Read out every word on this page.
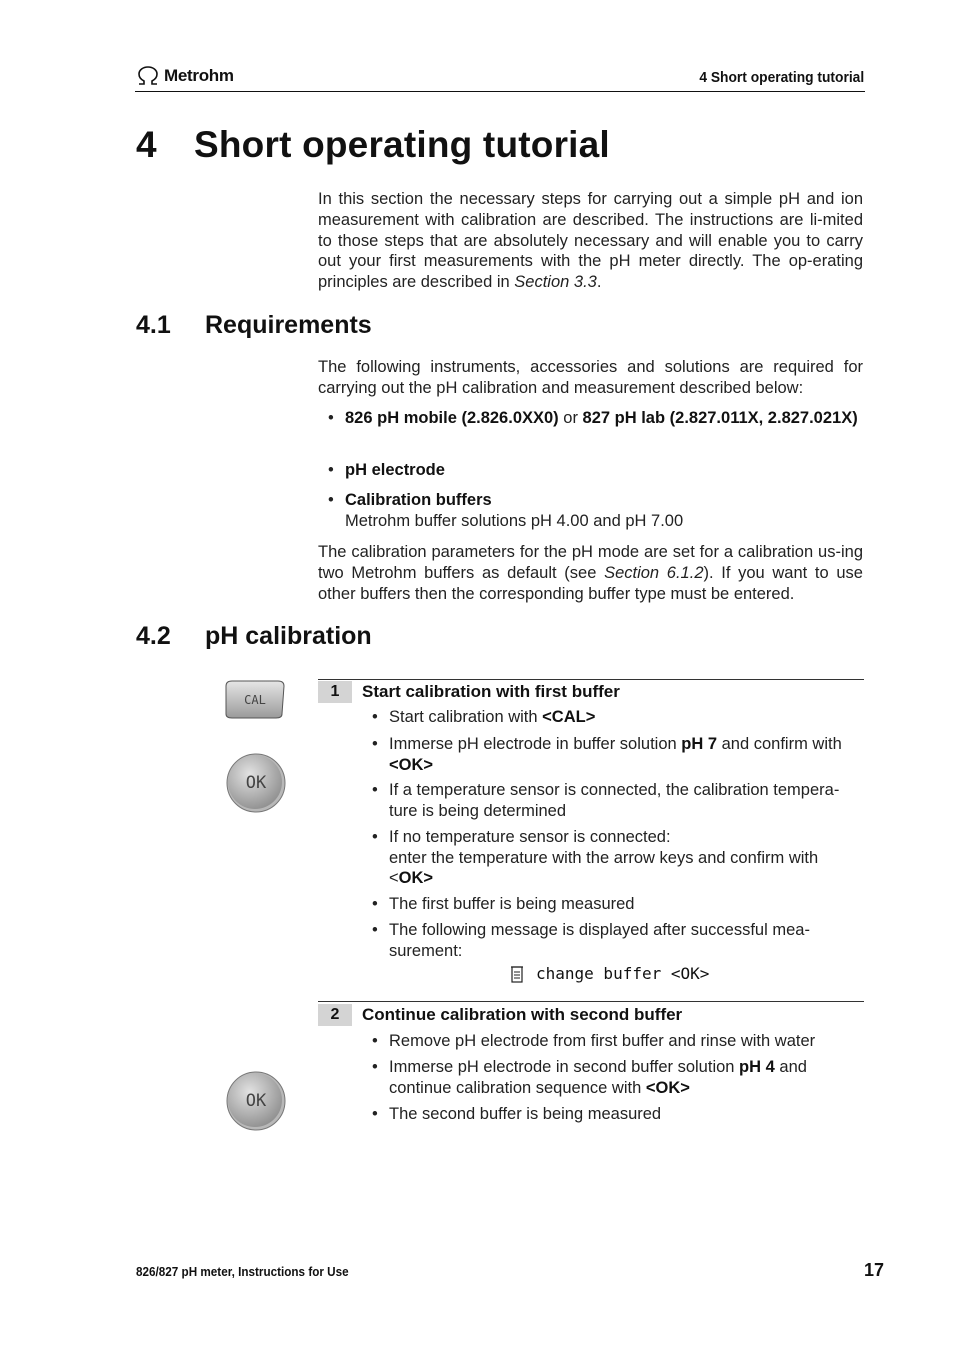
Metrohm	4 Short operating tutorial
4 Short operating tutorial
In this section the necessary steps for carrying out a simple pH and ion measurement with calibration are described. The instructions are li-mited to those steps that are absolutely necessary and will enable you to carry out your first measurements with the pH meter directly. The op-erating principles are described in Section 3.3.
4.1 Requirements
The following instruments, accessories and solutions are required for carrying out the pH calibration and measurement described below:
• 826 pH mobile (2.826.0XX0) or 827 pH lab (2.827.011X, 2.827.021X)
• pH electrode
• Calibration buffers
Metrohm buffer solutions pH 4.00 and pH 7.00
The calibration parameters for the pH mode are set for a calibration us-ing two Metrohm buffers as default (see Section 6.1.2). If you want to use other buffers then the corresponding buffer type must be entered.
4.2 pH calibration
CAL
OK
OK
1	Start calibration with first buffer
• Start calibration with <CAL>
• Immerse pH electrode in buffer solution pH 7 and confirm with <OK>
• If a temperature sensor is connected, the calibration tempera-ture is being determined
• If no temperature sensor is connected:
enter the temperature with the arrow keys and confirm with <OK>
• The first buffer is being measured
• The following message is displayed after successful mea-surement:
change buffer <OK>
2	Continue calibration with second buffer
• Remove pH electrode from first buffer and rinse with water
• Immerse pH electrode in second buffer solution pH 4 and continue calibration sequence with <OK>
• The second buffer is being measured
826/827 pH meter, Instructions for Use	17
